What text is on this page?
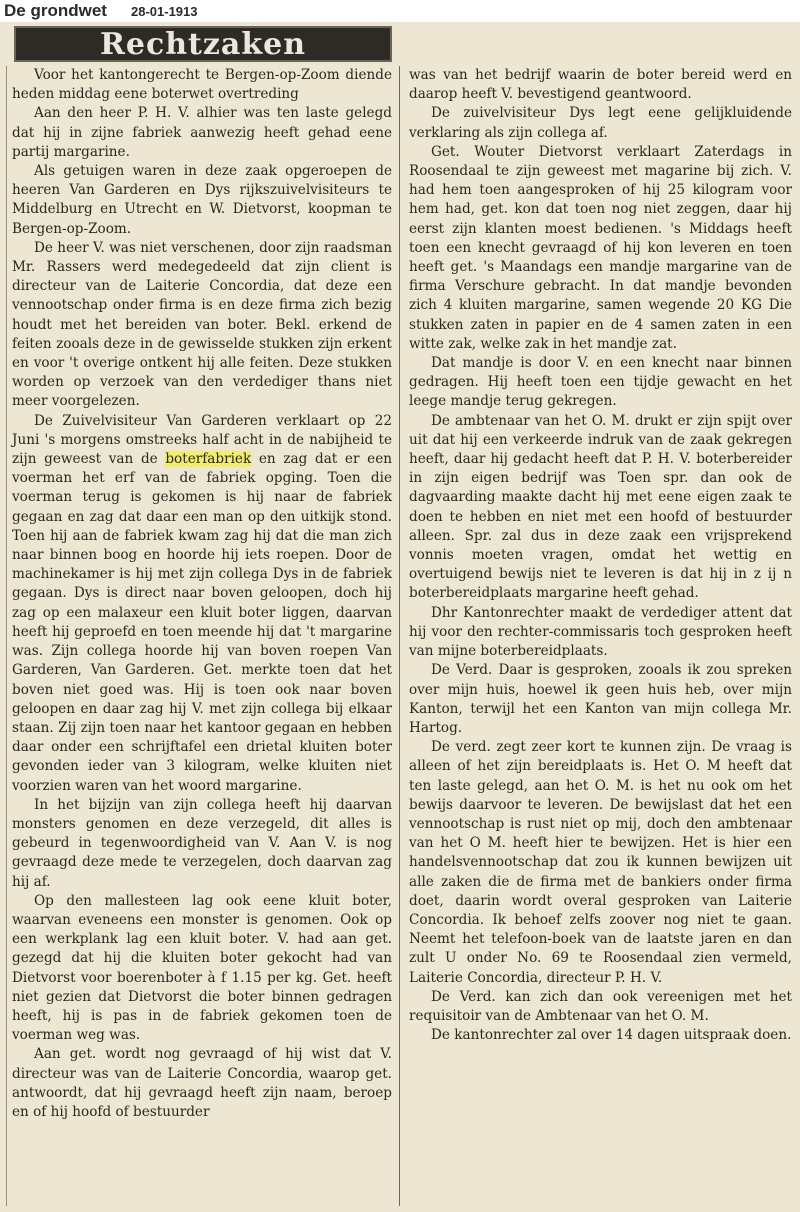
De grondwet 28-01-1913
Rechtzaken

Voor het kantongerecht te Bergen-op-Zoom diende heden middag eene boterwet overtreding

Aan den heer P. H. V. alhier was ten laste gelegd dat hij in zijne fabriek aanwezig heeft gehad eene partij margarine.

Als getuigen waren in deze zaak opgeroepen de heeren Van Garderen en Dys rijkszuivelvisiteurs te Middelburg en Utrecht en W. Dietvorst, koopman te Bergen-op-Zoom.

De heer V. was niet verschenen, door zijn raadsman Mr. Rassers werd medegedeeld dat zijn client is directeur van de Laiterie Concordia, dat deze een vennootschap onder firma is en deze firma zich bezig houdt met het bereiden van boter. Bekl. erkend de feiten zooals deze in de gewisselde stukken zijn erkent en voor 't overige ontkent hij alle feiten. Deze stukken worden op verzoek van den verdediger thans niet meer voorgelezen.

De Zuivelvisiteur Van Garderen verklaart op 22 Juni 's morgens omstreeks half acht in de nabijheid te zijn geweest van de boterfabriek en zag dat er een voerman het erf van de fabriek opging. Toen die voerman terug is gekomen is hij naar de fabriek gegaan en zag dat daar een man op den uitkijk stond. Toen hij aan de fabriek kwam zag hij dat die man zich naar binnen boog en hoorde hij iets roepen. Door de machinekamer is hij met zijn collega Dys in de fabriek gegaan. Dys is direct naar boven geloopen, doch hij zag op een malaxeur een kluit boter liggen, daarvan heeft hij geproefd en toen meende hij dat 't margarine was. Zijn collega hoorde hij van boven roepen Van Garderen, Van Garderen. Get. merkte toen dat het boven niet goed was. Hij is toen ook naar boven geloopen en daar zag hij V. met zijn collega bij elkaar staan. Zij zijn toen naar het kantoor gegaan en hebben daar onder een schrijftafel een drietal kluiten boter gevonden ieder van 3 kilogram, welke kluiten niet voorzien waren van het woord margarine.

In het bijzijn van zijn collega heeft hij daarvan monsters genomen en deze verzegeld, dit alles is gebeurd in tegenwoordigheid van V. Aan V. is nog gevraagd deze mede te verzegelen, doch daarvan zag hij af.

Op den mallesteen lag ook eene kluit boter, waarvan eveneens een monster is genomen. Ook op een werkplank lag een kluit boter. V. had aan get. gezegd dat hij die kluiten boter gekocht had van Dietvorst voor boerenboter à f 1.15 per kg. Get. heeft niet gezien dat Dietvorst die boter binnen gedragen heeft, hij is pas in de fabriek gekomen toen de voerman weg was.

Aan get. wordt nog gevraagd of hij wist dat V. directeur was van de Laiterie Concordia, waarop get. antwoordt, dat hij gevraagd heeft zijn naam, beroep en of hij hoofd of bestuurder

was van het bedrijf waarin de boter bereid werd en daarop heeft V. bevestigend geantwoord.

De zuivelvisiteur Dys legt eene gelijkluidende verklaring als zijn collega af.

Get. Wouter Dietvorst verklaart Zaterdags in Roosendaal te zijn geweest met magarine bij zich. V. had hem toen aangesproken of hij 25 kilogram voor hem had, get. kon dat toen nog niet zeggen, daar hij eerst zijn klanten moest bedienen. 's Middags heeft toen een knecht gevraagd of hij kon leveren en toen heeft get. 's Maandags een mandje margarine van de firma Verschure gebracht. In dat mandje bevonden zich 4 kluiten margarine, samen wegende 20 KG Die stukken zaten in papier en de 4 samen zaten in een witte zak, welke zak in het mandje zat.

Dat mandje is door V. en een knecht naar binnen gedragen. Hij heeft toen een tijdje gewacht en het leege mandje terug gekregen.

De ambtenaar van het O. M. drukt er zijn spijt over uit dat hij een verkeerde indruk van de zaak gekregen heeft, daar hij gedacht heeft dat P. H. V. boterbereider in zijn eigen bedrijf was Toen spr. dan ook de dagvaarding maakte dacht hij met eene eigen zaak te doen te hebben en niet met een hoofd of bestuurder alleen. Spr. zal dus in deze zaak een vrijsprekend vonnis moeten vragen, omdat het wettig en overtuigend bewijs niet te leveren is dat hij in z ij n boterbereidplaats margarine heeft gehad.

Dhr Kantonrechter maakt de verdediger attent dat hij voor den rechter-commissaris toch gesproken heeft van mijne boterbereidplaats.

De Verd. Daar is gesproken, zooals ik zou spreken over mijn huis, hoewel ik geen huis heb, over mijn Kanton, terwijl het een Kanton van mijn collega Mr. Hartog.

De verd. zegt zeer kort te kunnen zijn. De vraag is alleen of het zijn bereidplaats is. Het O. M heeft dat ten laste gelegd, aan het O. M. is het nu ook om het bewijs daarvoor te leveren. De bewijslast dat het een vennootschap is rust niet op mij, doch den ambtenaar van het O M. heeft hier te bewijzen. Het is hier een handelsvennootschap dat zou ik kunnen bewijzen uit alle zaken die de firma met de bankiers onder firma doet, daarin wordt overal gesproken van Laiterie Concordia. Ik behoef zelfs zoover nog niet te gaan. Neemt het telefoon-boek van de laatste jaren en dan zult U onder No. 69 te Roosendaal zien vermeld, Laiterie Concordia, directeur P. H. V.

De Verd. kan zich dan ook vereenigen met het requisitoir van de Ambtenaar van het O. M.

De kantonrechter zal over 14 dagen uitspraak doen.
